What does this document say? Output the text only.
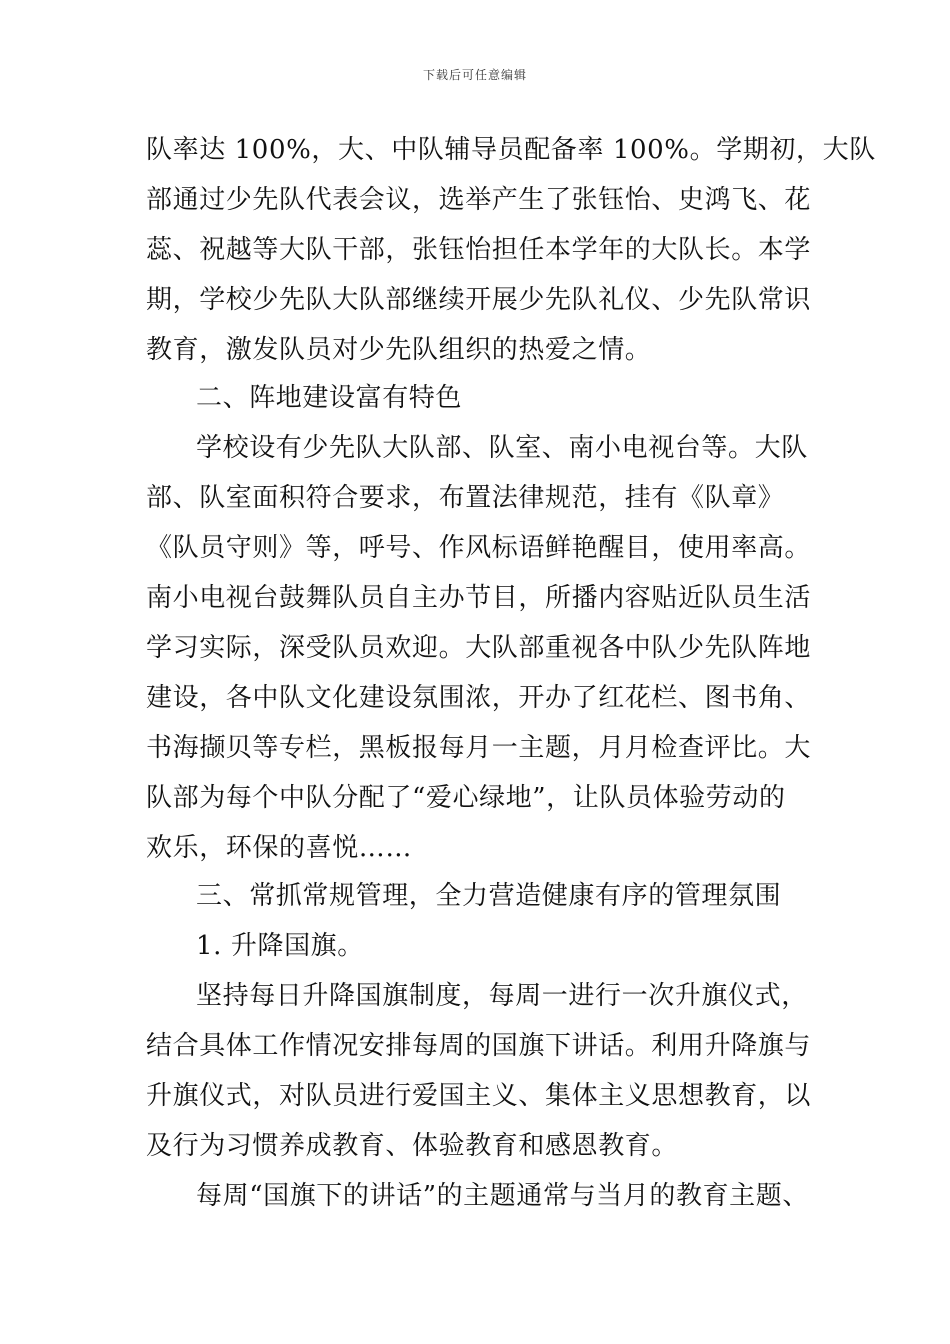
下载后可任意编辑

队率达 100%，大、中队辅导员配备率 100%。学期初，大队

部通过少先队代表会议，选举产生了张钰怡、史鸿飞、花

蕊、祝越等大队干部，张钰怡担任本学年的大队长。本学

期，学校少先队大队部继续开展少先队礼仪、少先队常识

教育，激发队员对少先队组织的热爱之情。

二、阵地建设富有特色

学校设有少先队大队部、队室、南小电视台等。大队

部、队室面积符合要求，布置法律规范，挂有《队章》

《队员守则》等，呼号、作风标语鲜艳醒目，使用率高。

南小电视台鼓舞队员自主办节目，所播内容贴近队员生活

学习实际，深受队员欢迎。大队部重视各中队少先队阵地

建设，各中队文化建设氛围浓，开办了红花栏、图书角、

书海撷贝等专栏，黑板报每月一主题，月月检查评比。大

队部为每个中队分配了“爱心绿地”，让队员体验劳动的

欢乐，环保的喜悦……

三、常抓常规管理，全力营造健康有序的管理氛围

1. 升降国旗。

坚持每日升降国旗制度，每周一进行一次升旗仪式，

结合具体工作情况安排每周的国旗下讲话。利用升降旗与

升旗仪式，对队员进行爱国主义、集体主义思想教育，以

及行为习惯养成教育、体验教育和感恩教育。

每周“国旗下的讲话”的主题通常与当月的教育主题、
